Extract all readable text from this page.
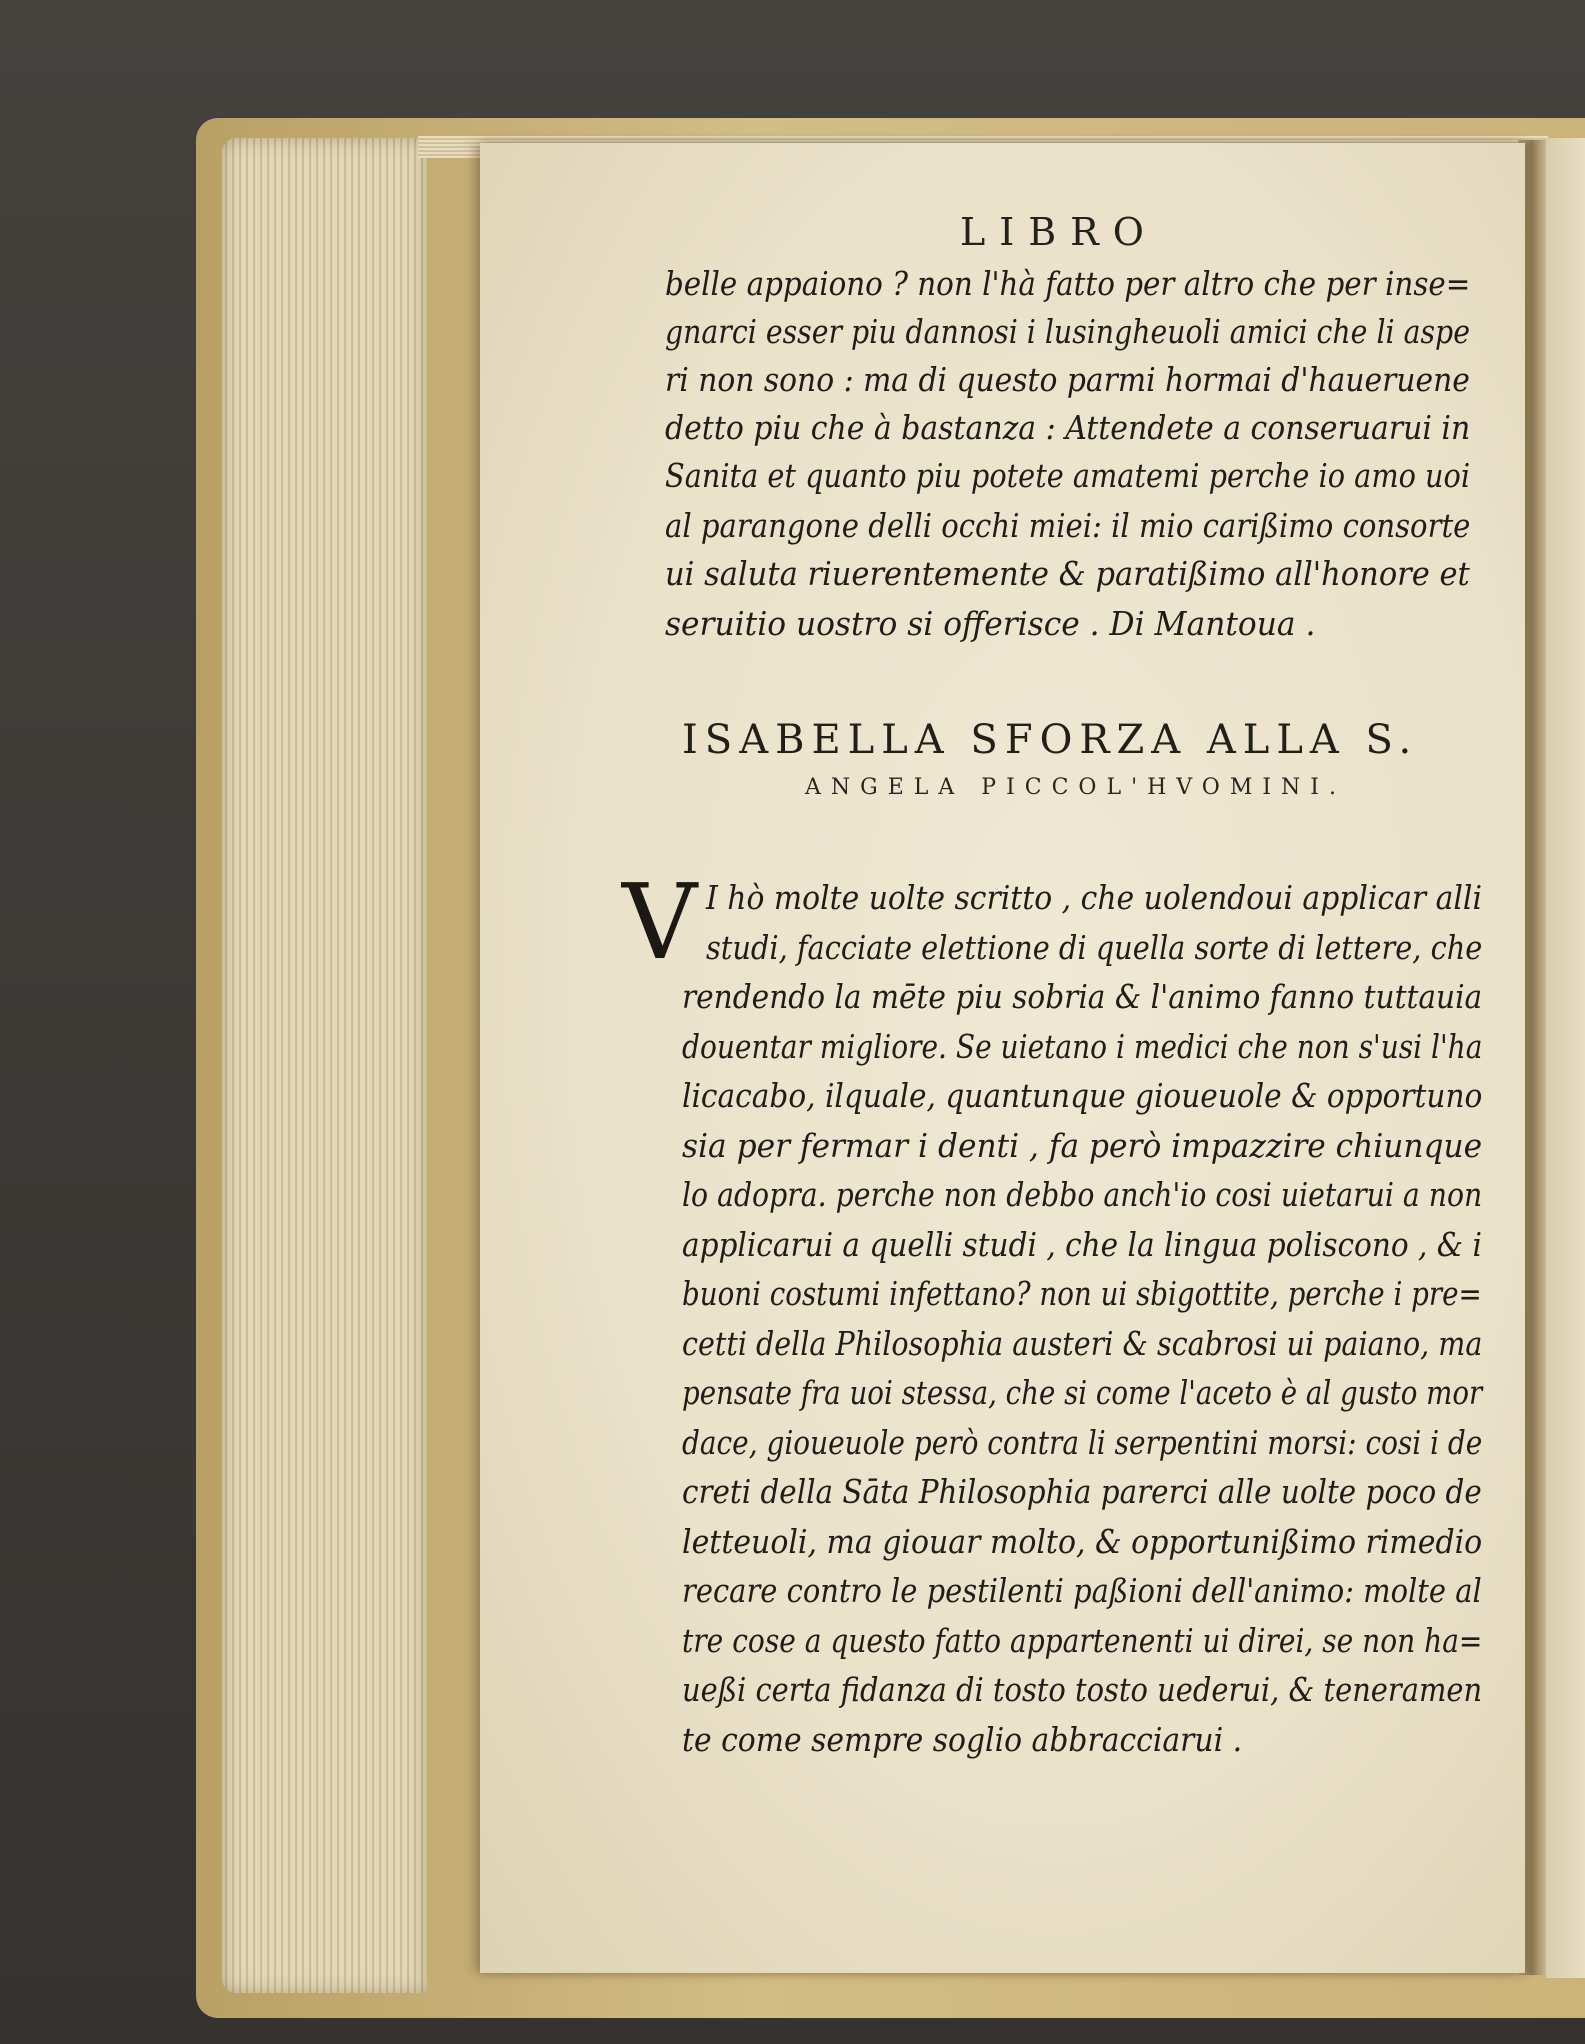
LIBRO
belle appaiono ? non l'hà fatto per altro che per inse=
gnarci esser piu dannosi i lusingheuoli amici che li aspe
ri non sono : ma di questo parmi hormai d'haueruene
detto piu che à bastanza : Attendete a conseruarui in
Sanita et quanto piu potete amatemi perche io amo uoi
al parangone delli occhi miei: il mio carißimo consorte
ui saluta riuerentemente & paratißimo all'honore et
seruitio uostro si offerisce . Di Mantoua .
ISABELLA SFORZA ALLA S.
ANGELA PICCOL'HVOMINI.
V I hò molte uolte scritto , che uolendoui applicar alli
studi, facciate elettione di quella sorte di lettere, che
rendendo la mēte piu sobria & l'animo fanno tuttauia
douentar migliore. Se uietano i medici che non s'usi l'ha
licacabo, ilquale, quantunque gioueuole & opportuno
sia per fermar i denti , fa però impazzire chiunque
lo adopra. perche non debbo anch'io cosi uietarui a non
applicarui a quelli studi , che la lingua poliscono , & i
buoni costumi infettano? non ui sbigottite, perche i pre=
cetti della Philosophia austeri & scabrosi ui paiano, ma
pensate fra uoi stessa, che si come l'aceto è al gusto mor
dace, gioueuole però contra li serpentini morsi: cosi i de
creti della Sāta Philosophia parerci alle uolte poco de
letteuoli, ma giouar molto, & opportunißimo rimedio
recare contro le pestilenti paßioni dell'animo: molte al
tre cose a questo fatto appartenenti ui direi, se non ha=
ueßi certa fidanza di tosto tosto uederui, & teneramen
te come sempre soglio abbracciarui .
